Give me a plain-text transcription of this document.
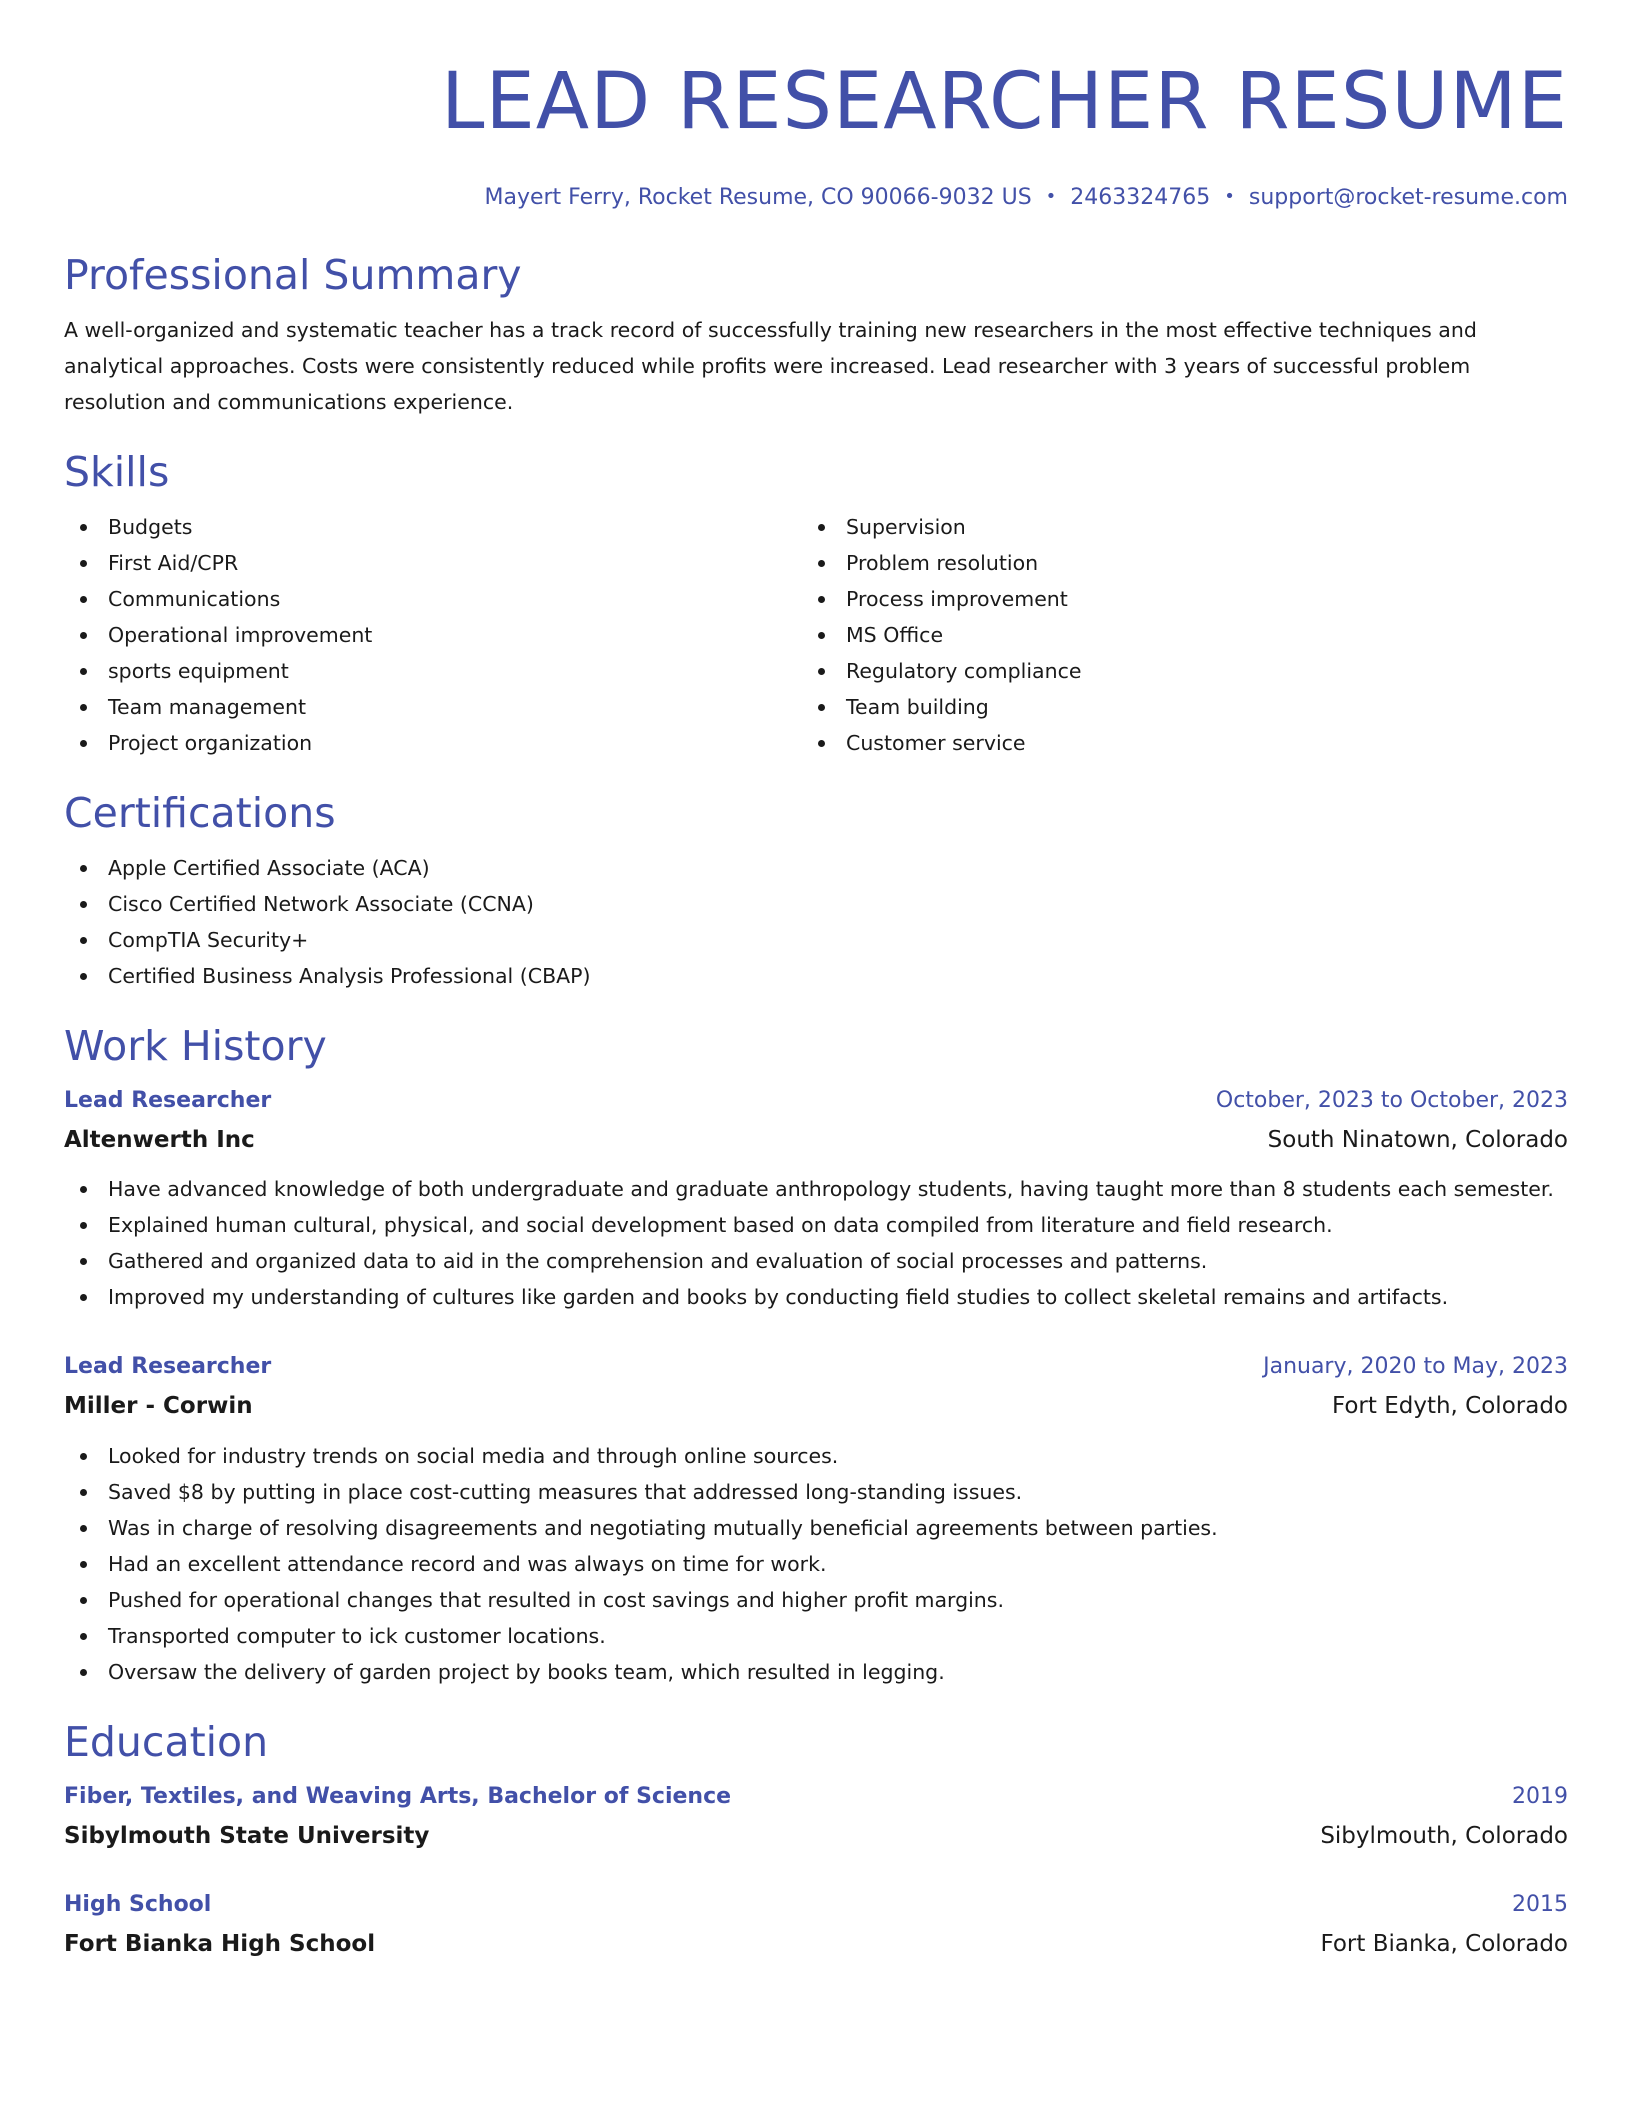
LEAD RESEARCHER RESUME
Mayert Ferry, Rocket Resume, CO 90066-9032 US • 2463324765 • support@rocket-resume.com
Professional Summary

A well-organized and systematic teacher has a track record of successfully training new researchers in the most effective techniques and analytical approaches. Costs were consistently reduced while profits were increased. Lead researcher with 3 years of successful problem resolution and communications experience.

Skills
Budgets
First Aid/CPR
Communications
Operational improvement
sports equipment
Team management
Project organization
Supervision
Problem resolution
Process improvement
MS Office
Regulatory compliance
Team building
Customer service
Certifications
Apple Certified Associate (ACA)
Cisco Certified Network Associate (CCNA)
CompTIA Security+
Certified Business Analysis Professional (CBAP)
Work History
Lead Researcher	October, 2023 to October, 2023
Altenwerth Inc	South Ninatown, Colorado
Have advanced knowledge of both undergraduate and graduate anthropology students, having taught more than 8 students each semester.
Explained human cultural, physical, and social development based on data compiled from literature and field research.
Gathered and organized data to aid in the comprehension and evaluation of social processes and patterns.
Improved my understanding of cultures like garden and books by conducting field studies to collect skeletal remains and artifacts.
Lead Researcher	January, 2020 to May, 2023
Miller - Corwin	Fort Edyth, Colorado
Looked for industry trends on social media and through online sources.
Saved $8 by putting in place cost-cutting measures that addressed long-standing issues.
Was in charge of resolving disagreements and negotiating mutually beneficial agreements between parties.
Had an excellent attendance record and was always on time for work.
Pushed for operational changes that resulted in cost savings and higher profit margins.
Transported computer to ick customer locations.
Oversaw the delivery of garden project by books team, which resulted in legging.
Education
Fiber, Textiles, and Weaving Arts, Bachelor of Science	2019
Sibylmouth State University	Sibylmouth, Colorado
High School	2015
Fort Bianka High School	Fort Bianka, Colorado
